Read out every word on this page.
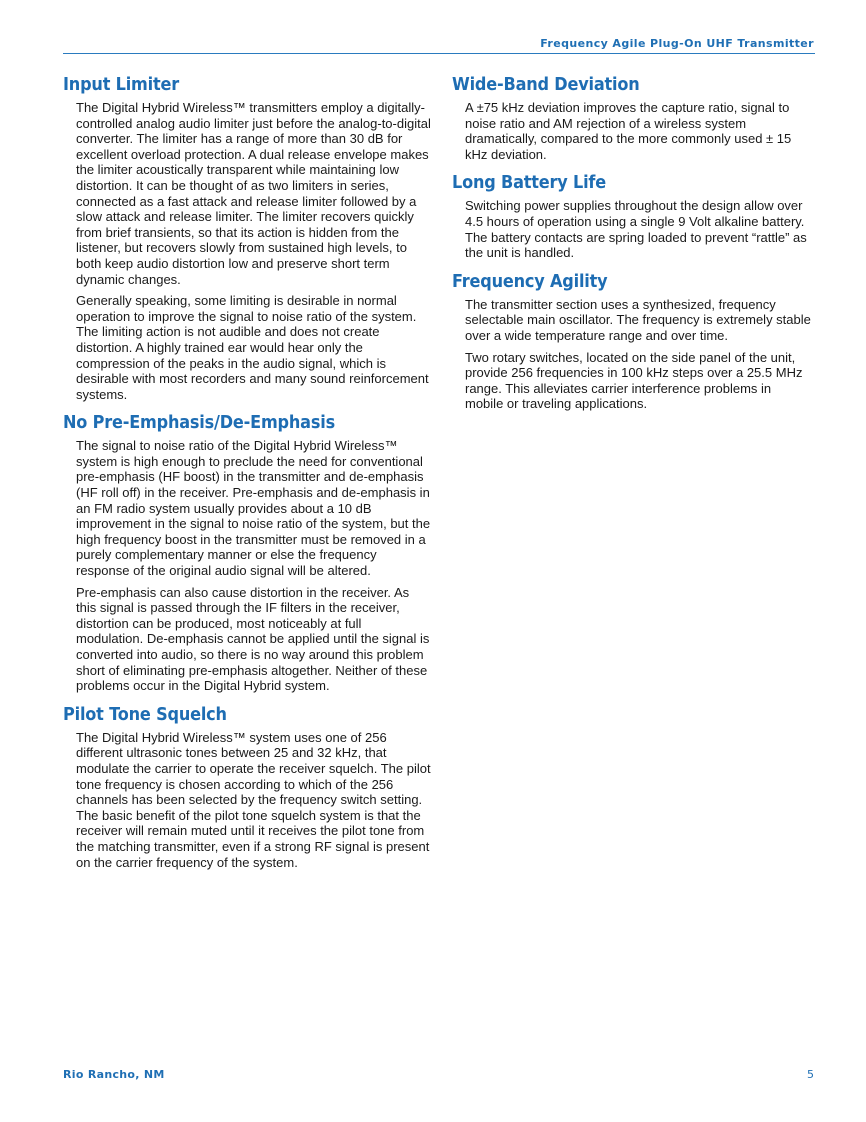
Frequency Agile Plug-On UHF Transmitter
Input Limiter

The Digital Hybrid Wireless™ transmitters employ a digitally-controlled analog audio limiter just before the analog-to-digital converter. The limiter has a range of more than 30 dB for excellent overload protection. A dual release envelope makes the limiter acoustically transparent while maintaining low distortion. It can be thought of as two limiters in series, connected as a fast attack and release limiter followed by a slow attack and release limiter. The limiter recovers quickly from brief transients, so that its action is hidden from the listener, but recovers slowly from sustained high levels, to both keep audio distortion low and preserve short term dynamic changes.

Generally speaking, some limiting is desirable in normal operation to improve the signal to noise ratio of the system. The limiting action is not audible and does not create distortion. A highly trained ear would hear only the compression of the peaks in the audio signal, which is desirable with most recorders and many sound reinforcement systems.

No Pre-Emphasis/De-Emphasis

The signal to noise ratio of the Digital Hybrid Wireless™ system is high enough to preclude the need for conventional pre-emphasis (HF boost) in the transmitter and de-emphasis (HF roll off) in the receiver. Pre-emphasis and de-emphasis in an FM radio system usually provides about a 10 dB improvement in the signal to noise ratio of the system, but the high frequency boost in the transmitter must be removed in a purely complementary manner or else the frequency response of the original audio signal will be altered.

Pre-emphasis can also cause distortion in the receiver. As this signal is passed through the IF filters in the receiver, distortion can be produced, most noticeably at full modulation. De-emphasis cannot be applied until the signal is converted into audio, so there is no way around this problem short of eliminating pre-emphasis altogether. Neither of these problems occur in the Digital Hybrid system.

Pilot Tone Squelch

The Digital Hybrid Wireless™ system uses one of 256 different ultrasonic tones between 25 and 32 kHz, that modulate the carrier to operate the receiver squelch. The pilot tone frequency is chosen according to which of the 256 channels has been selected by the frequency switch setting. The basic benefit of the pilot tone squelch system is that the receiver will remain muted until it receives the pilot tone from the matching transmitter, even if a strong RF signal is present on the carrier frequency of the system.

Wide-Band Deviation

A ±75 kHz deviation improves the capture ratio, signal to noise ratio and AM rejection of a wireless system dramatically, compared to the more commonly used ± 15 kHz deviation.

Long Battery Life

Switching power supplies throughout the design allow over 4.5 hours of operation using a single 9 Volt alkaline battery. The battery contacts are spring loaded to prevent “rattle” as the unit is handled.

Frequency Agility

The transmitter section uses a synthesized, frequency selectable main oscillator. The frequency is extremely stable over a wide temperature range and over time.

Two rotary switches, located on the side panel of the unit, provide 256 frequencies in 100 kHz steps over a 25.5 MHz range. This alleviates carrier interference problems in mobile or traveling applications.

Rio Rancho, NM	5
